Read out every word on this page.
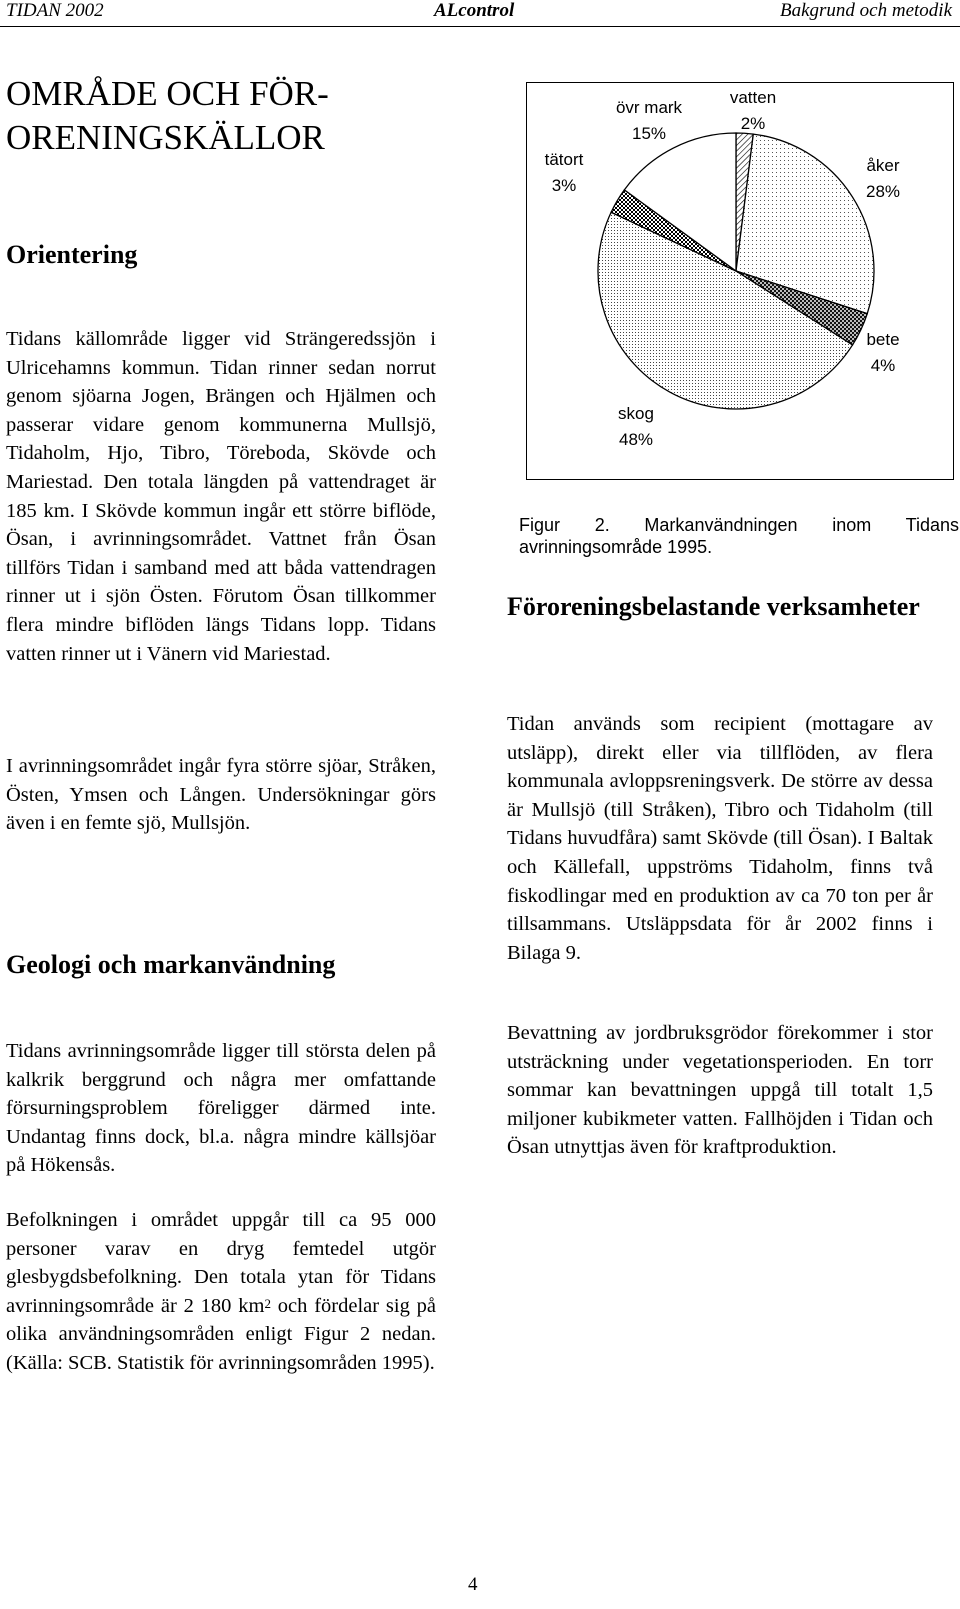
TIDAN 2002	ALcontrol	Bakgrund och metodik
OMRÅDE OCH FÖR-ORENINGSKÄLLOR
Orientering

Tidans källområde ligger vid Strängeredssjön i Ulricehamns kommun. Tidan rinner sedan norrut genom sjöarna Jogen, Brängen och Hjälmen och passerar vidare genom kommunerna Mullsjö, Tidaholm, Hjo, Tibro, Töreboda, Skövde och Mariestad. Den totala längden på vattendraget är 185 km. I Skövde kommun ingår ett större biflöde, Ösan, i avrinningsområdet. Vattnet från Ösan tillförs Tidan i samband med att båda vattendragen rinner ut i sjön Östen. Förutom Ösan tillkommer flera mindre biflöden längs Tidans lopp. Tidans vatten rinner ut i Vänern vid Mariestad.

I avrinningsområdet ingår fyra större sjöar, Stråken, Östen, Ymsen och Lången. Undersökningar görs även i en femte sjö, Mullsjön.

Geologi och markanvändning

Tidans avrinningsområde ligger till största delen på kalkrik berggrund och några mer omfattande försurningsproblem föreligger därmed inte. Undantag finns dock, bl.a. några mindre källsjöar på Hökensås.

Befolkningen i området uppgår till ca 95 000 personer varav en dryg femtedel utgör glesbygdsbefolkning. Den totala ytan för Tidans avrinningsområde är 2 180 $km^2$ och fördelar sig på olika användningsområden enligt Figur 2 nedan. (Källa: SCB. Statistik för avrinningsområden 1995).

vatten
2%
åker
28%
bete
4%
skog
48%
tätort
3%
övr mark
15%

Figur 2. Markanvändningen inom Tidans avrinningsområde 1995.

Föroreningsbelastande verksamheter

Tidan används som recipient (mottagare av utsläpp), direkt eller via tillflöden, av flera kommunala avloppsreningsverk. De större av dessa är Mullsjö (till Stråken), Tibro och Tidaholm (till Tidans huvudfåra) samt Skövde (till Ösan). I Baltak och Källefall, uppströms Tidaholm, finns två fiskodlingar med en produktion av ca 70 ton per år tillsammans. Utsläppsdata för år 2002 finns i Bilaga 9.

Bevattning av jordbruksgrödor förekommer i stor utsträckning under vegetationsperioden. En torr sommar kan bevattningen uppgå till totalt 1,5 miljoner kubikmeter vatten. Fallhöjden i Tidan och Ösan utnyttjas även för kraftproduktion.

4
